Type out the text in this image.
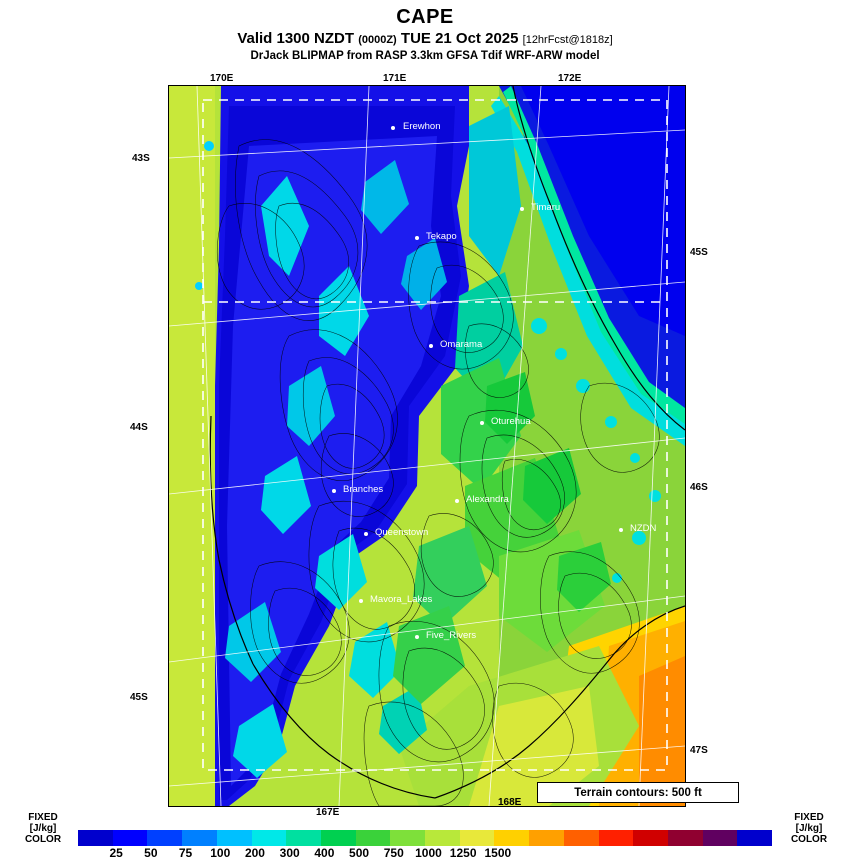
CAPE
Valid 1300 NZDT (0000Z) TUE 21 Oct 2025 [12hrFcst@1818z]
DrJack BLIPMAP from RASP 3.3km GFSA Tdif WRF-ARW model
Erewhon
Timaru
Tekapo
Omarama
Oturehua
Branches
Alexandra
Queenstown	NZDN
Mavora_Lakes
Five_Rivers
170E	171E	172E
167E
168E
43S
44S
45S
45S
46S
47S
Terrain contours: 500 ft
FIXED
[J/kg]
COLOR
FIXED
[J/kg]
COLOR
25 50 75 100 200 300 400 500 750 1000 1250 1500
